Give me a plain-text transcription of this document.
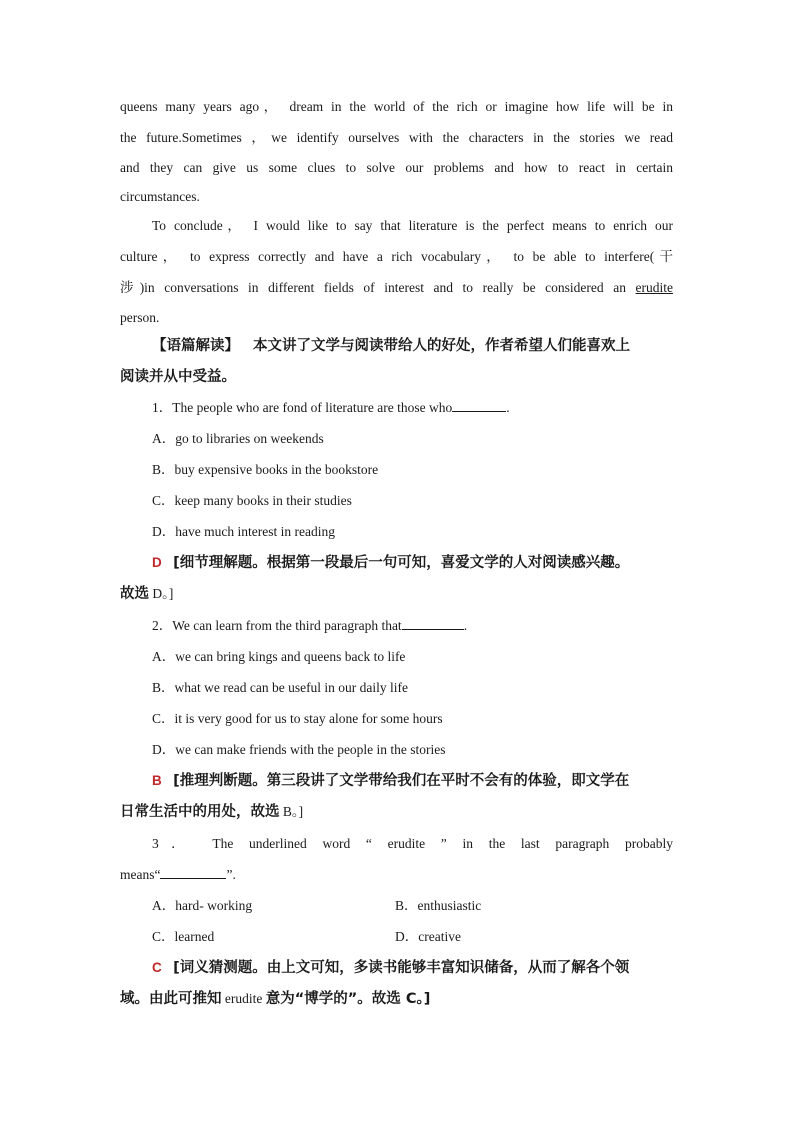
queens many years ago， dream in the world of the rich or imagine how life will be in
the future.Sometimes ，we identify ourselves with the characters in the stories we read
and they can give us some clues to solve our problems and how to react in certain
circumstances.
To conclude， I would like to say that literature is the perfect means to enrich our
culture， to express correctly and have a rich vocabulary， to be able to interfere(干
涉)in conversations in different fields of interest and to really be considered an erudite
person.
【语篇解读】 本文讲了文学与阅读带给人的好处，作者希望人们能喜欢上
阅读并从中受益。
1．The people who are fond of literature are those who	.
A．go to libraries on weekends
B．buy expensive books in the bookstore
C．keep many books in their studies
D．have much interest in reading
D [细节理解题。根据第一段最后一句可知，喜爱文学的人对阅读感兴趣。
故选 D。]
2．We can learn from the third paragraph that	.
A．we can bring kings and queens back to life
B．what we read can be useful in our daily life
C．it is very good for us to stay alone for some hours
D．we can make friends with the people in the stories
B [推理判断题。第三段讲了文学带给我们在平时不会有的体验，即文学在
日常生活中的用处，故选 B。]
3． The underlined word “ erudite ” in the last paragraph probably
means“	”.
A．hard- working	B．enthusiastic
C．learned	D．creative
C [词义猜测题。由上文可知，多读书能够丰富知识储备，从而了解各个领
域。由此可推知 erudite 意为“博学的”。故选 C。]
